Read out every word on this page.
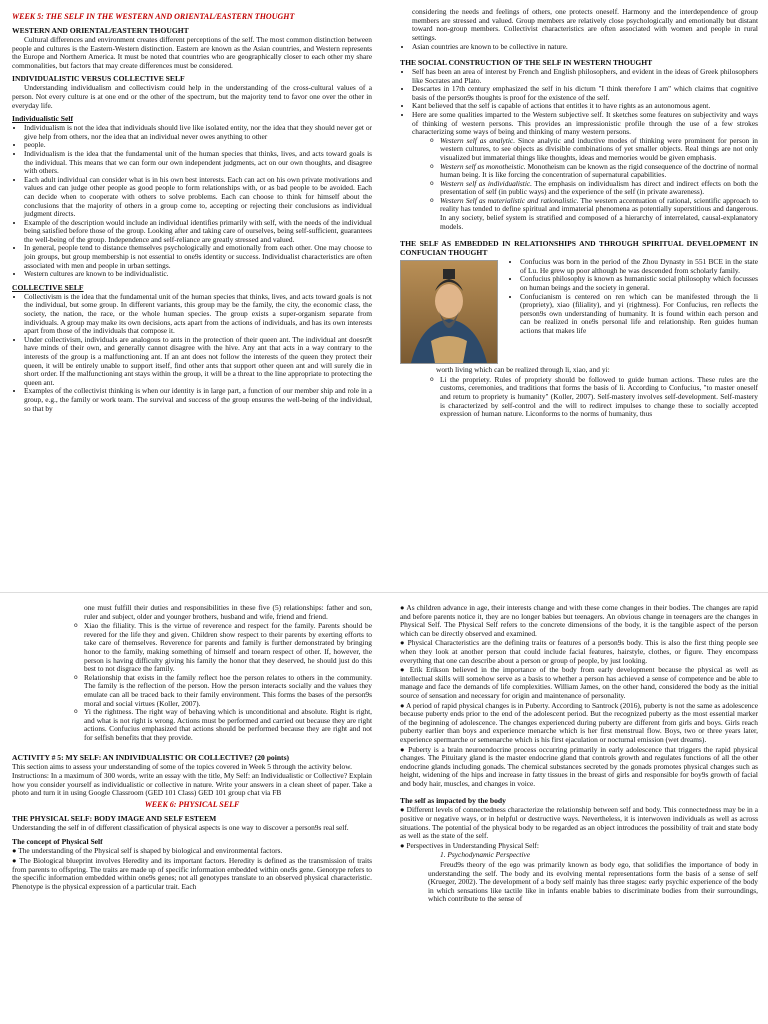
WEEK 5: THE SELF IN THE WESTERN AND ORIENTAL/EASTERN THOUGHT
WESTERN AND ORIENTAL/EASTERN THOUGHT

Cultural differences and environment creates different perceptions of the self. The most common distinction between people and cultures is the Eastern-Western distinction. Eastern are known as the Asian countries, and Western represents the Europe and Northern America. It must be noted that countries who are geographically closer to each other my share commonalities, but factors that may create differences must be considered.

INDIVIDUALISTIC VERSUS COLLECTIVE SELF

Understanding individualism and collectivism could help in the understanding of the cross-cultural values of a person. Not every culture is at one end or the other of the spectrum, but the majority tend to favor one over the other in everyday life.

Individualistic Self
• Individualism is not the idea that individuals should live like isolated entity, nor the idea that they should never get or give help from others, nor the idea that an individual never owes anything to other
• people.
• Individualism is the idea that the fundamental unit of the human species that thinks, lives, and acts toward goals is the individual. This means that we can form our own independent judgments, act on our own thoughts, and disagree with others.
• Each adult individual can consider what is in his own best interests. Each can act on his own private motivations and values and can judge other people as good people to form relationships with, or as bad people to be avoided. Each can decide when to cooperate with others to solve problems. Each can choose to think for himself about the conclusions that the majority of others in a group come to, accepting or rejecting their conclusions as individual judgment directs.
• Example of the description would include an individual identifies primarily with self, with the needs of the individual being satisfied before those of the group. Looking after and taking care of ourselves, being self-sufficient, guarantees the well-being of the group. Independence and self-reliance are greatly stressed and valued.
• In general, people tend to distance themselves psychologically and emotionally from each other. One may choose to join groups, but group membership is not essential to one9s identity or success. Individualist characteristics are often associated with men and people in urban settings.
• Western cultures are known to be individualistic.
COLLECTIVE SELF
• Collectivism is the idea that the fundamental unit of the human species that thinks, lives, and acts toward goals is not the individual, but some group. In different variants, this group may be the family, the city, the economic class, the society, the nation, the race, or the whole human species. The group exists a super-organism separate from individuals. A group may make its own decisions, acts apart from the actions of individuals, and has its own interests apart from those of the individuals that compose it.
• Under collectivism, individuals are analogous to ants in the protection of their queen ant. The individual ant doesn9t have minds of their own, and generally cannot disagree with the hive. Any ant that acts in a way contrary to the interests of the group is a malfunctioning ant. If an ant does not follow the interests of the queen they protect their queen, it will be entirely unable to support itself, find other ants that support other queen ant and will surely die in short order. If the malfunctioning ant stays within the group, it will be a threat to the line appropriate to protecting the queen ant.
• Examples of the collectivist thinking is when our identity is in large part, a function of our member ship and role in a group, e.g., the family or work team. The survival and success of the group ensures the well-being of the individual, so that by

considering the needs and feelings of others, one protects oneself. Harmony and the interdependence of group members are stressed and valued. Group members are relatively close psychologically and emotionally but distant toward non-group members. Collectivist characteristics are often associated with women and people in rural settings.

• Asian countries are known to be collective in nature.
THE SOCIAL CONSTRUCTION OF THE SELF IN WESTERN THOUGHT
• Self has been an area of interest by French and English philosophers, and evident in the ideas of Greek philosophers like Socrates and Plato.
• Descartes in 17th century emphasized the self in his dictum "I think therefore I am" which claims that cognitive basis of the person9s thoughts is proof for the existence of the self.
• Kant believed that the self is capable of actions that entitles it to have rights as an autonomous agent.
• Here are some qualities imparted to the Western subjective self. It sketches some features on subjectivity and ways of thinking of western persons. This provides an impressionistic profile through the use of a few strokes characterizing some ways of being and thinking of many western persons.
o Western self as analytic. Since analytic and inductive modes of thinking were prominent for person in western cultures, to see objects as divisible combinations of yet smaller objects. Real things are not only visualized but immaterial things like thoughts, ideas and memories would be given emphasis.
o Western self as monotheistic. Monotheism can be known as the rigid consequence of the doctrine of normal human being. It is like forcing the concentration of supernatural capabilities.
o Western self as individualistic. The emphasis on individualism has direct and indirect effects on both the presentation of self (in public ways) and the experience of the self (in private awareness).
o Western Self as materialistic and rationalistic. The western accentuation of rational, scientific approach to reality has tended to define spiritual and immaterial phenomena as potentially superstitious and dangerous. In any society, belief system is stratified and composed of a hierarchy of interrelated, causal-explanatory models.
THE SELF AS EMBEDDED IN RELATIONSHIPS AND THROUGH SPIRITUAL DEVELOPMENT IN CONFUCIAN THOUGHT
• Confucius was born in the period of the Zhou Dynasty in 551 BCE in the state of Lu. He grew up poor although he was descended from scholarly family.
• Confucius philosophy is known as humanistic social philosophy which focusses on human beings and the society in general.
• Confucianism is centered on ren which can be manifested through the li (propriety), xiao (filiality), and yi (rightness). For Confucius, ren reflects the person9s own understanding of humanity. It is found within each person and can be realized in one9s personal life and relationship. Ren guides human actions that makes life

worth living which can be realized through li, xiao, and yi:

o Li the propriety. Rules of propriety should be followed to guide human actions. These rules are the customs, ceremonies, and traditions that forms the basis of li. According to Confucius, "to master oneself and return to propriety is humanity" (Koller, 2007). Self-mastery involves self-development. Self-mastery is characterized by self-control and the will to redirect impulses to change these to socially accepted expression of human nature. Liconforms to the norms of humanity, thus

one must fulfill their duties and responsibilities in these five (5) relationships: father and son, ruler and subject, older and younger brothers, husband and wife, friend and friend.

o Xiao the filiality. This is the virtue of reverence and respect for the family. Parents should be revered for the life they and given. Children show respect to their parents by exerting efforts to take care of themselves. Reverence for parents and family is further demonstrated by bringing honor to the family, making something of himself and toearn respect of other. If, however, the person is having difficulty giving his family the honor that they deserved, he should just do this best to not disgrace the family.
o Relationship that exists in the family reflect hoe the person relates to others in the community. The family is the reflection of the person. How the person interacts socially and the values they emulate can all be traced back to their family environment. This forms the bases of the person9s moral and social virtues (Koller, 2007).
o Yi the rightness. The right way of behaving which is unconditional and absolute. Right is right, and what is not right is wrong. Actions must be performed and carried out because they are right actions. Confucius emphasized that actions should be performed because they are right and not for selfish benefits that they provide.
ACTIVITY # 5: MY SELF: AN INDIVIDUALISTIC OR COLLECTIVE? (20 points)

This section aims to assess your understanding of some of the topics covered in Week 5 through the activity below.

Instructions: In a maximum of 300 words, write an essay with the title, My Self: an Individualistic or Collective? Explain how you consider yourself as individualistic or collective in nature. Write your answers in a clean sheet of paper. Take a photo and turn it in using Google Classroom (GED 101 Class) GED 101 group chat via FB

WEEK 6: PHYSICAL SELF
THE PHYSICAL SELF: BODY IMAGE AND SELF ESTEEM

Understanding the self in of different classification of physical aspects is one way to discover a person9s real self.

The concept of Physical Self

● The understanding of the Physical self is shaped by biological and environmental factors.

● The Biological blueprint involves Heredity and its important factors. Heredity is defined as the transmission of traits from parents to offspring. The traits are made up of specific information embedded within one9s gene. Genotype refers to the specific information embedded within one9s genes; not all genotypes translate to an observed physical characteristic. Phenotype is the physical expression of a particular trait. Each

● As children advance in age, their interests change and with these come changes in their bodies. The changes are rapid and before parents notice it, they are no longer babies but teenagers. An obvious change in teenagers are the changes in Physical Self. The Physical Self refers to the concrete dimensions of the body, it is the tangible aspect of the person which can be directly observed and examined.

● Physical Characteristics are the defining traits or features of a person9s body. This is also the first thing people see when they look at another person that could include facial features, hairstyle, clothes, or figure. They encompass everything that one can describe about a person or group of people, by just looking.

● Erik Erikson believed in the importance of the body from early development because the physical as well as intellectual skills will somehow serve as a basis to whether a person has achieved a sense of competence and be able to manage and face the demands of life complexities. William James, on the other hand, considered the body as the initial source of sensation and necessary for origin and maintenance of personality.

● A period of rapid physical changes is in Puberty. According to Santrock (2016), puberty is not the same as adolescence because puberty ends prior to the end of the adolescent period. But the recognized puberty as the most essential marker of the beginning of adolescence. The changes experienced during puberty are different from girls and boys. Girls reach puberty earlier than boys and experience menarche which is her first menstrual flow. Boys, two or three years later, experience spermarche or semenarche which is his first ejaculation or nocturnal emission (wet dreams).

● Puberty is a brain neuroendocrine process occurring primarily in early adolescence that triggers the rapid physical changes. The Pituitary gland is the master endocrine gland that controls growth and regulates functions of all the other endocrine glands including gonads. The chemical substances secreted by the gonads promotes physical changes such as height, widening of the hips and increase in fatty tissues in the breast of girls and responsible for boy9s growth of facial and body hair, muscles, and changes in voice.

The self as impacted by the body

● Different levels of connectedness characterize the relationship between self and body. This connectedness may be in a positive or negative ways, or in helpful or destructive ways. Nevertheless, it is interwoven individuals as well as across situations. The potential of the physical body to be regarded as an object introduces the possibility of trait and state body as well as the state of the self.

● Perspectives in Understanding Physical Self:

1. Psychodynamic Perspective

Freud9s theory of the ego was primarily known as body ego, that solidifies the importance of body in understanding the self. The body and its evolving mental representations form the basis of a sense of self (Krueger, 2002). The development of a body self mainly has three stages: early psychic experience of the body in which sensations like tactile like in infants enable babies to discriminate bodies from their surroundings, which contribute to the sense of
